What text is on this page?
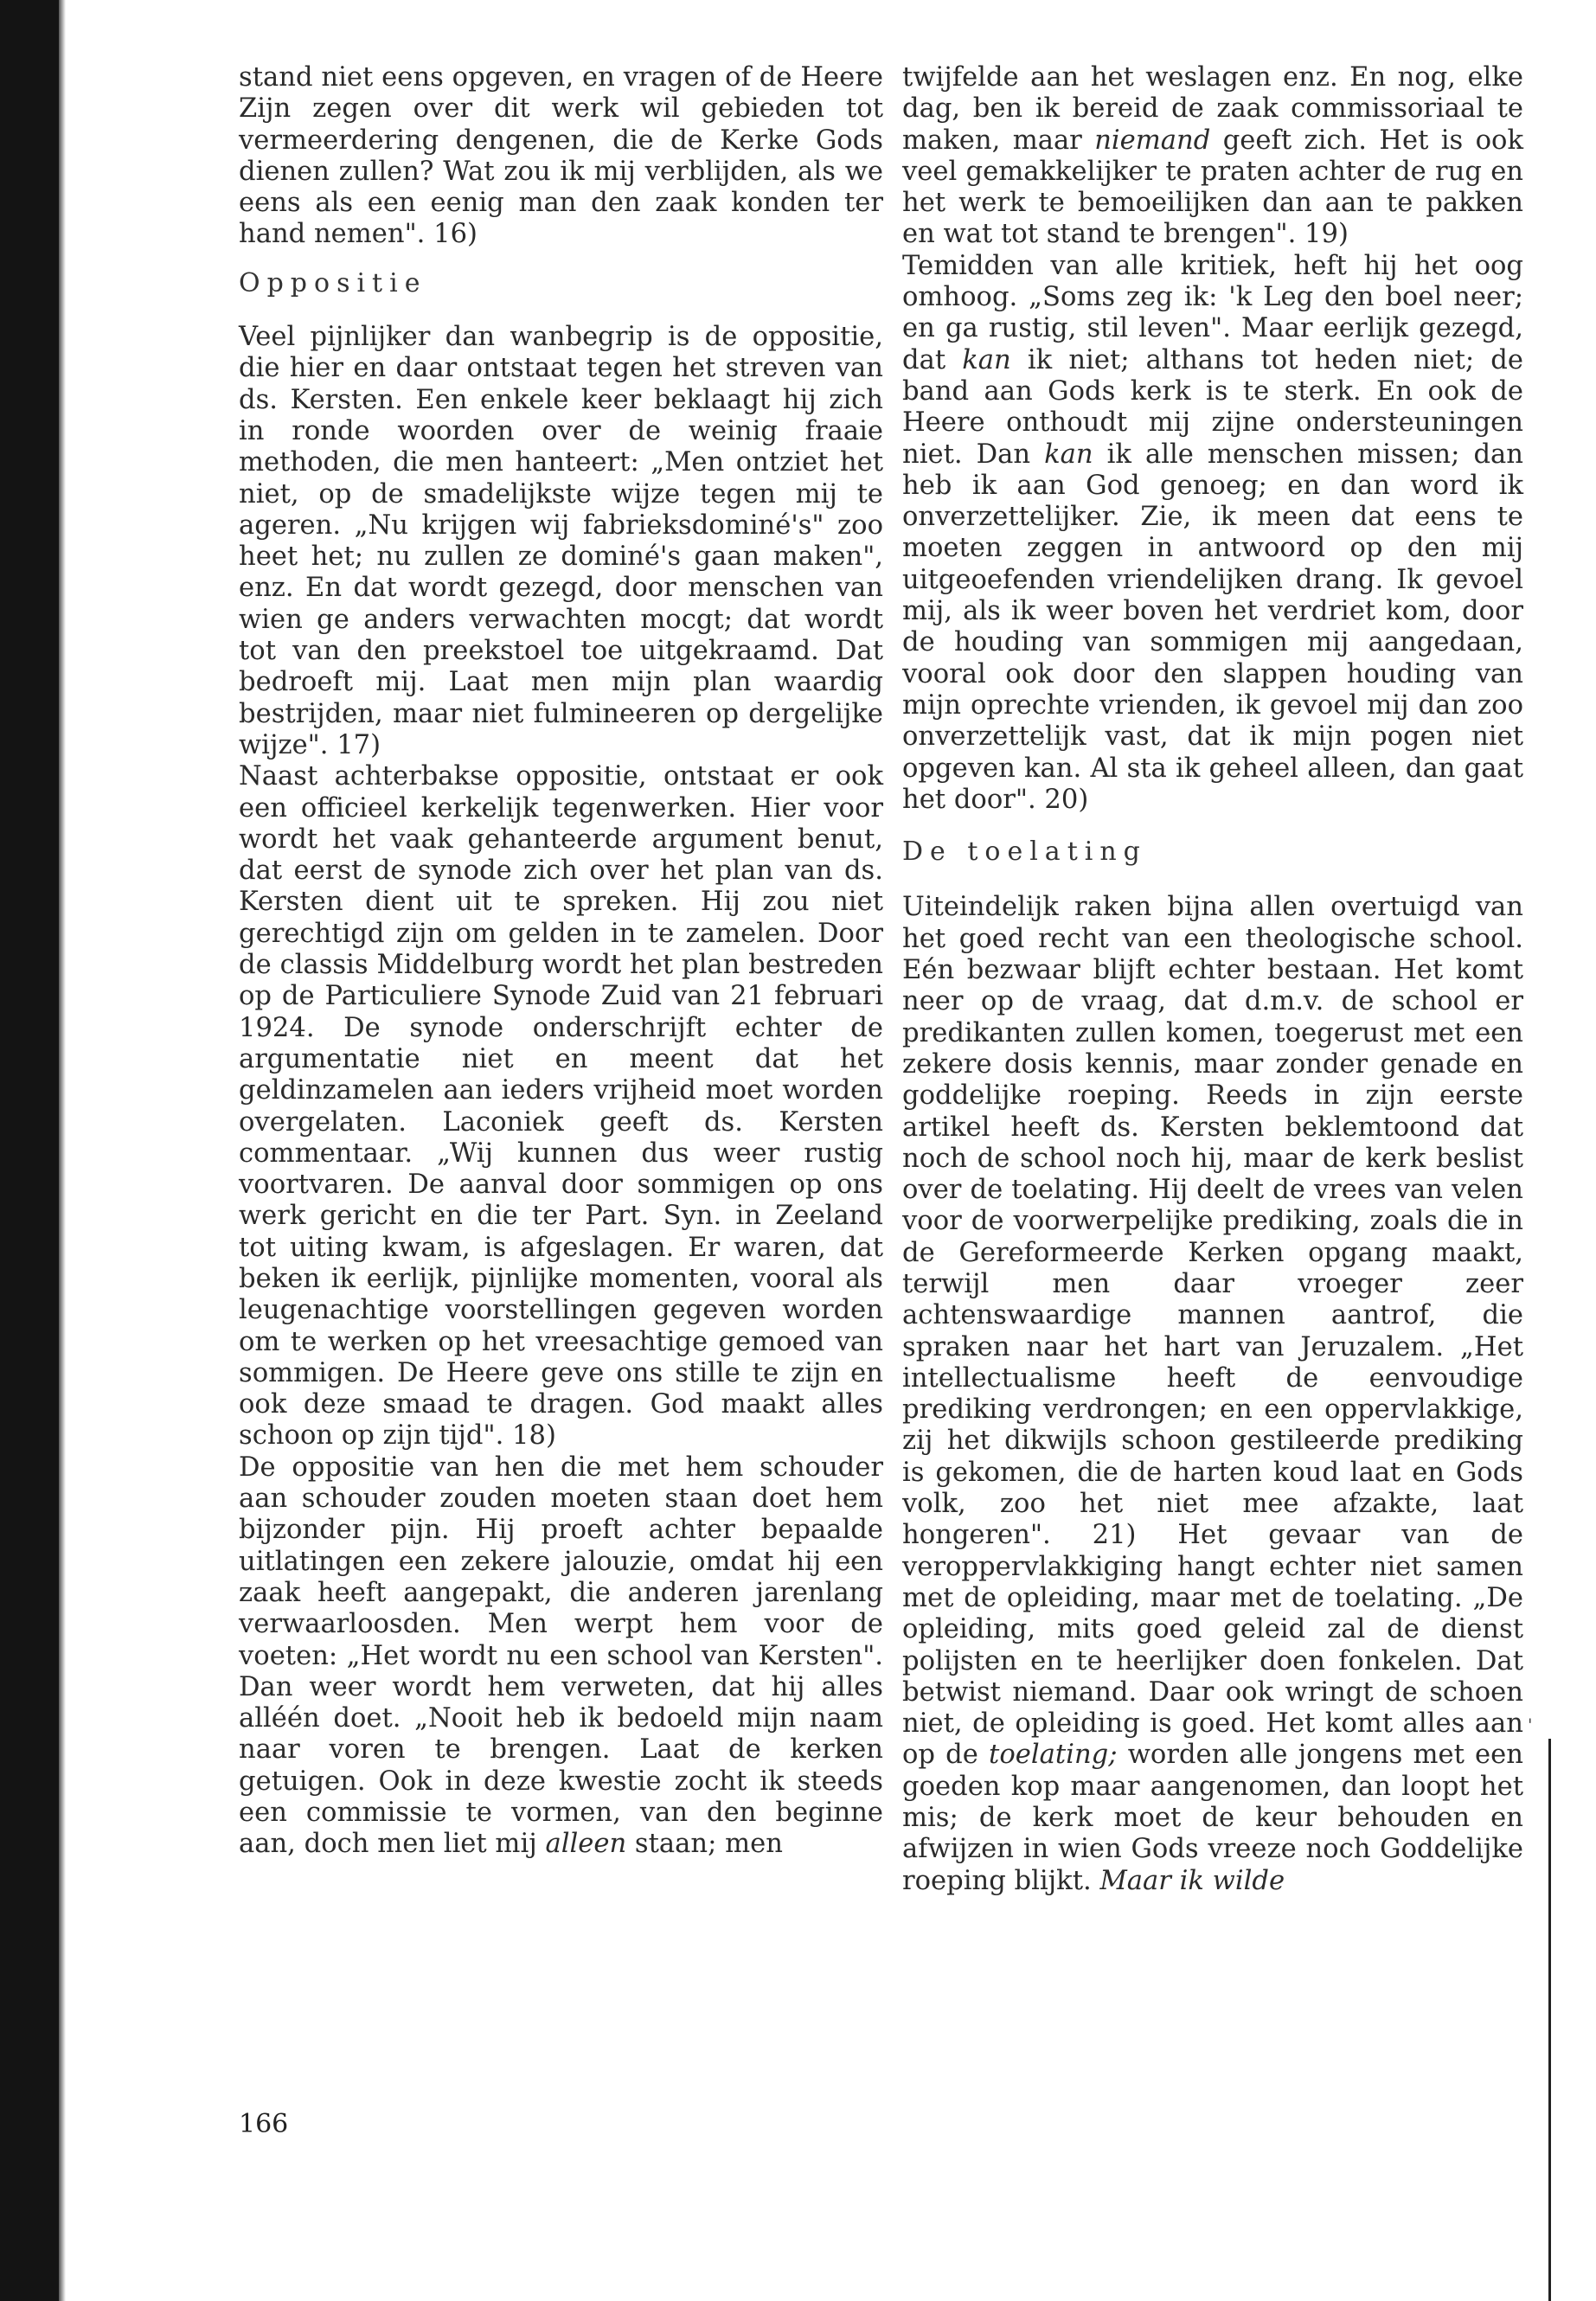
stand niet eens opgeven, en vragen of de Heere Zijn zegen over dit werk wil gebieden tot vermeerdering dengenen, die de Kerke Gods dienen zullen? Wat zou ik mij verblijden, als we eens als een eenig man den zaak konden ter hand nemen". 16)

Oppositie

Veel pijnlijker dan wanbegrip is de oppositie, die hier en daar ontstaat tegen het streven van ds. Kersten. Een enkele keer beklaagt hij zich in ronde woorden over de weinig fraaie methoden, die men hanteert: „Men ontziet het niet, op de smadelijkste wijze tegen mij te ageren. „Nu krijgen wij fabrieksdominé's" zoo heet het; nu zullen ze dominé's gaan maken", enz. En dat wordt gezegd, door menschen van wien ge anders verwachten mocgt; dat wordt tot van den preekstoel toe uitgekraamd. Dat bedroeft mij. Laat men mijn plan waardig bestrijden, maar niet fulmineeren op dergelijke wijze". 17)

Naast achterbakse oppositie, ontstaat er ook een officieel kerkelijk tegenwerken. Hier voor wordt het vaak gehanteerde argument benut, dat eerst de synode zich over het plan van ds. Kersten dient uit te spreken. Hij zou niet gerechtigd zijn om gelden in te zamelen. Door de classis Middelburg wordt het plan bestreden op de Particuliere Synode Zuid van 21 februari 1924. De synode onderschrijft echter de argumentatie niet en meent dat het geldinzamelen aan ieders vrijheid moet worden overgelaten. Laconiek geeft ds. Kersten commentaar. „Wij kunnen dus weer rustig voortvaren. De aanval door sommigen op ons werk gericht en die ter Part. Syn. in Zeeland tot uiting kwam, is afgeslagen. Er waren, dat beken ik eerlijk, pijnlijke momenten, vooral als leugenachtige voorstellingen gegeven worden om te werken op het vreesachtige gemoed van sommigen. De Heere geve ons stille te zijn en ook deze smaad te dragen. God maakt alles schoon op zijn tijd". 18)

De oppositie van hen die met hem schouder aan schouder zouden moeten staan doet hem bijzonder pijn. Hij proeft achter bepaalde uitlatingen een zekere jalouzie, omdat hij een zaak heeft aangepakt, die anderen jarenlang verwaarloosden. Men werpt hem voor de voeten: „Het wordt nu een school van Kersten". Dan weer wordt hem verweten, dat hij alles alléén doet. „Nooit heb ik bedoeld mijn naam naar voren te brengen. Laat de kerken getuigen. Ook in deze kwestie zocht ik steeds een commissie te vormen, van den beginne aan, doch men liet mij alleen staan; men

twijfelde aan het weslagen enz. En nog, elke dag, ben ik bereid de zaak commissoriaal te maken, maar niemand geeft zich. Het is ook veel gemakkelijker te praten achter de rug en het werk te bemoeilijken dan aan te pakken en wat tot stand te brengen". 19)

Temidden van alle kritiek, heft hij het oog omhoog. „Soms zeg ik: 'k Leg den boel neer; en ga rustig, stil leven". Maar eerlijk gezegd, dat kan ik niet; althans tot heden niet; de band aan Gods kerk is te sterk. En ook de Heere onthoudt mij zijne ondersteuningen niet. Dan kan ik alle menschen missen; dan heb ik aan God genoeg; en dan word ik onverzettelijker. Zie, ik meen dat eens te moeten zeggen in antwoord op den mij uitgeoefenden vriendelijken drang. Ik gevoel mij, als ik weer boven het verdriet kom, door de houding van sommigen mij aangedaan, vooral ook door den slappen houding van mijn oprechte vrienden, ik gevoel mij dan zoo onverzettelijk vast, dat ik mijn pogen niet opgeven kan. Al sta ik geheel alleen, dan gaat het door". 20)

De toelating

Uiteindelijk raken bijna allen overtuigd van het goed recht van een theologische school. Eén bezwaar blijft echter bestaan. Het komt neer op de vraag, dat d.m.v. de school er predikanten zullen komen, toegerust met een zekere dosis kennis, maar zonder genade en goddelijke roeping. Reeds in zijn eerste artikel heeft ds. Kersten beklemtoond dat noch de school noch hij, maar de kerk beslist over de toelating. Hij deelt de vrees van velen voor de voorwerpelijke prediking, zoals die in de Gereformeerde Kerken opgang maakt, terwijl men daar vroeger zeer achtenswaardige mannen aantrof, die spraken naar het hart van Jeruzalem. „Het intellectualisme heeft de eenvoudige prediking verdrongen; en een oppervlakkige, zij het dikwijls schoon gestileerde prediking is gekomen, die de harten koud laat en Gods volk, zoo het niet mee afzakte, laat hongeren". 21) Het gevaar van de veroppervlakkiging hangt echter niet samen met de opleiding, maar met de toelating. „De opleiding, mits goed geleid zal de dienst polijsten en te heerlijker doen fonkelen. Dat betwist niemand. Daar ook wringt de schoen niet, de opleiding is goed. Het komt alles aan op de toelating; worden alle jongens met een goeden kop maar aangenomen, dan loopt het mis; de kerk moet de keur behouden en afwijzen in wien Gods vreeze noch Goddelijke roeping blijkt. Maar ik wilde

'
166
